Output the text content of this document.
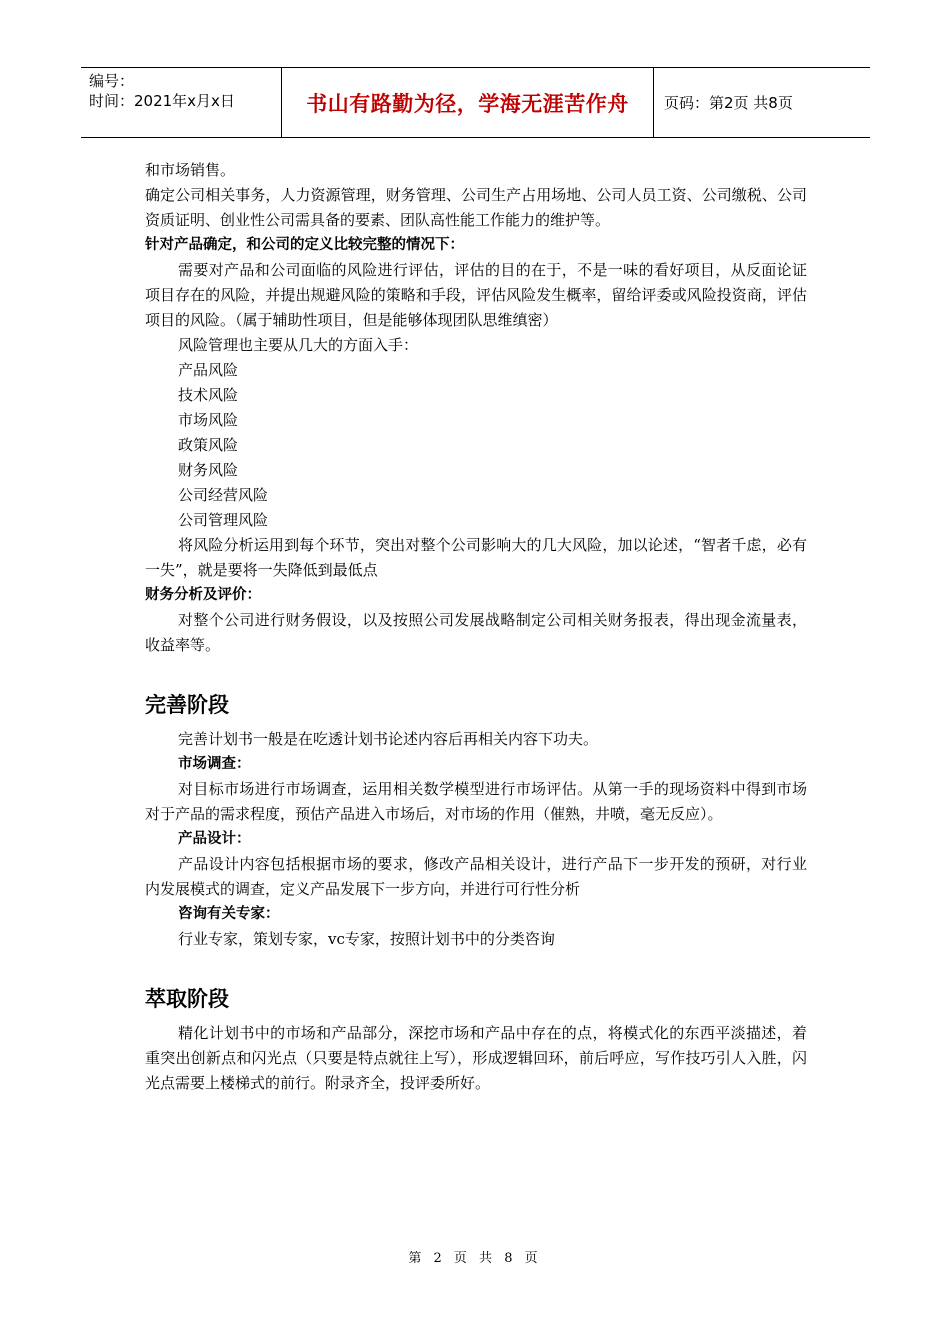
编号：
时间：2021年x月x日	书山有路勤为径，学海无涯苦作舟 页码：第2页 共8页

和市场销售。

确定公司相关事务，人力资源管理，财务管理、公司生产占用场地、公司人员工资、公司缴税、公司资质证明、创业性公司需具备的要素、团队高性能工作能力的维护等。

针对产品确定，和公司的定义比较完整的情况下：

需要对产品和公司面临的风险进行评估，评估的目的在于，不是一味的看好项目，从反面论证项目存在的风险，并提出规避风险的策略和手段，评估风险发生概率，留给评委或风险投资商，评估项目的风险。（属于辅助性项目，但是能够体现团队思维缜密）

风险管理也主要从几大的方面入手：

产品风险

技术风险

市场风险

政策风险

财务风险

公司经营风险

公司管理风险

将风险分析运用到每个环节，突出对整个公司影响大的几大风险，加以论述，“智者千虑，必有一失”，就是要将一失降低到最低点

财务分析及评价：

对整个公司进行财务假设，以及按照公司发展战略制定公司相关财务报表，得出现金流量表，收益率等。

完善阶段

完善计划书一般是在吃透计划书论述内容后再相关内容下功夫。

市场调查：

对目标市场进行市场调查，运用相关数学模型进行市场评估。从第一手的现场资料中得到市场对于产品的需求程度，预估产品进入市场后，对市场的作用（催熟，井喷，毫无反应）。

产品设计：

产品设计内容包括根据市场的要求，修改产品相关设计，进行产品下一步开发的预研，对行业内发展模式的调查，定义产品发展下一步方向，并进行可行性分析

咨询有关专家：

行业专家，策划专家，vc专家，按照计划书中的分类咨询

萃取阶段

精化计划书中的市场和产品部分，深挖市场和产品中存在的点，将模式化的东西平淡描述，着重突出创新点和闪光点（只要是特点就往上写），形成逻辑回环，前后呼应，写作技巧引人入胜，闪光点需要上楼梯式的前行。附录齐全，投评委所好。

第 2 页 共 8 页
